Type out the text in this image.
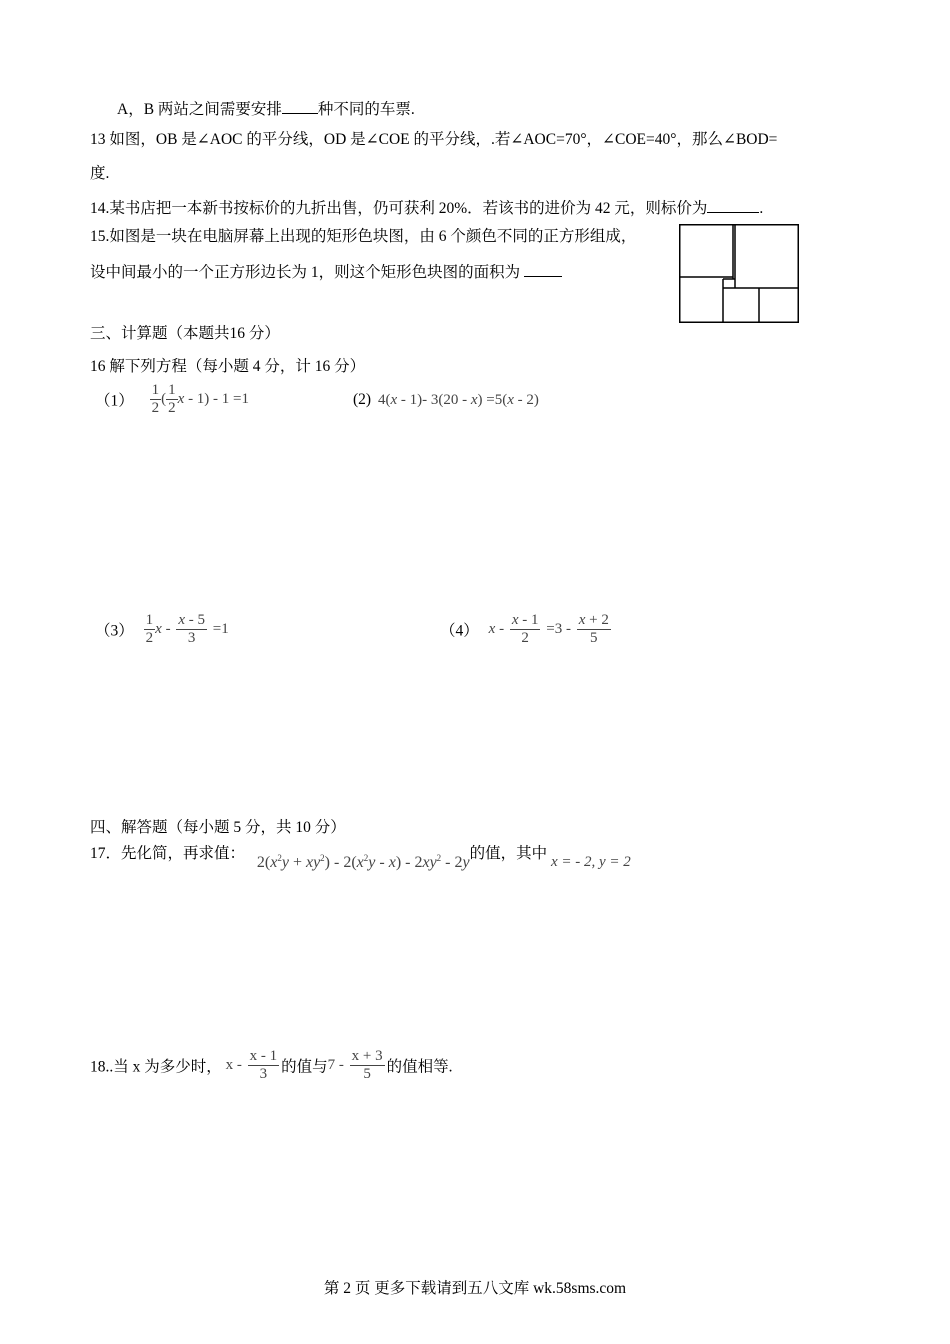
A，B 两站之间需要安排 种不同的车票.
13 如图，OB 是∠AOC 的平分线，OD 是∠COE 的平分线，.若∠AOC=70°，∠COE=40°，那么∠BOD=
度.
14.某书店把一本新书按标价的九折出售，仍可获利 20%．若该书的进价为 42 元，则标价为	.
15.如图是一块在电脑屏幕上出现的矩形色块图，由 6 个颜色不同的正方形组成，
设中间最小的一个正方形边长为 1，则这个矩形色块图的面积为
三、计算题（本题共16 分）
16 解下列方程（每小题 4 分，计 16 分）
$(1) \frac{1}{2}$ ( $\frac{1}{2}$ x - 1) - 1 =1	(2) 4(x - 1)- 3(20 - x) =5(x - 2)
$(3) \frac{1}{2}$ $x - \frac{x - 5}{3} =1$	（4） $x - \frac{x - 1}{2} =3 - \frac{x + 2}{5}$
四、解答题（每小题 5 分，共 10 分）
17．先化简，再求值： $2(x^2y + xy^2) - 2(x^2y - x) - 2xy^2 - 2y$的值，其中 x = - 2, y = 2
18..当 x 为多少时， x - $\frac{x - 1}{3}$ 的值与$7 - \frac{x + 3}{5}$ 的值相等.
第 2 页 更多下载请到五八文库 wk.58sms.com
